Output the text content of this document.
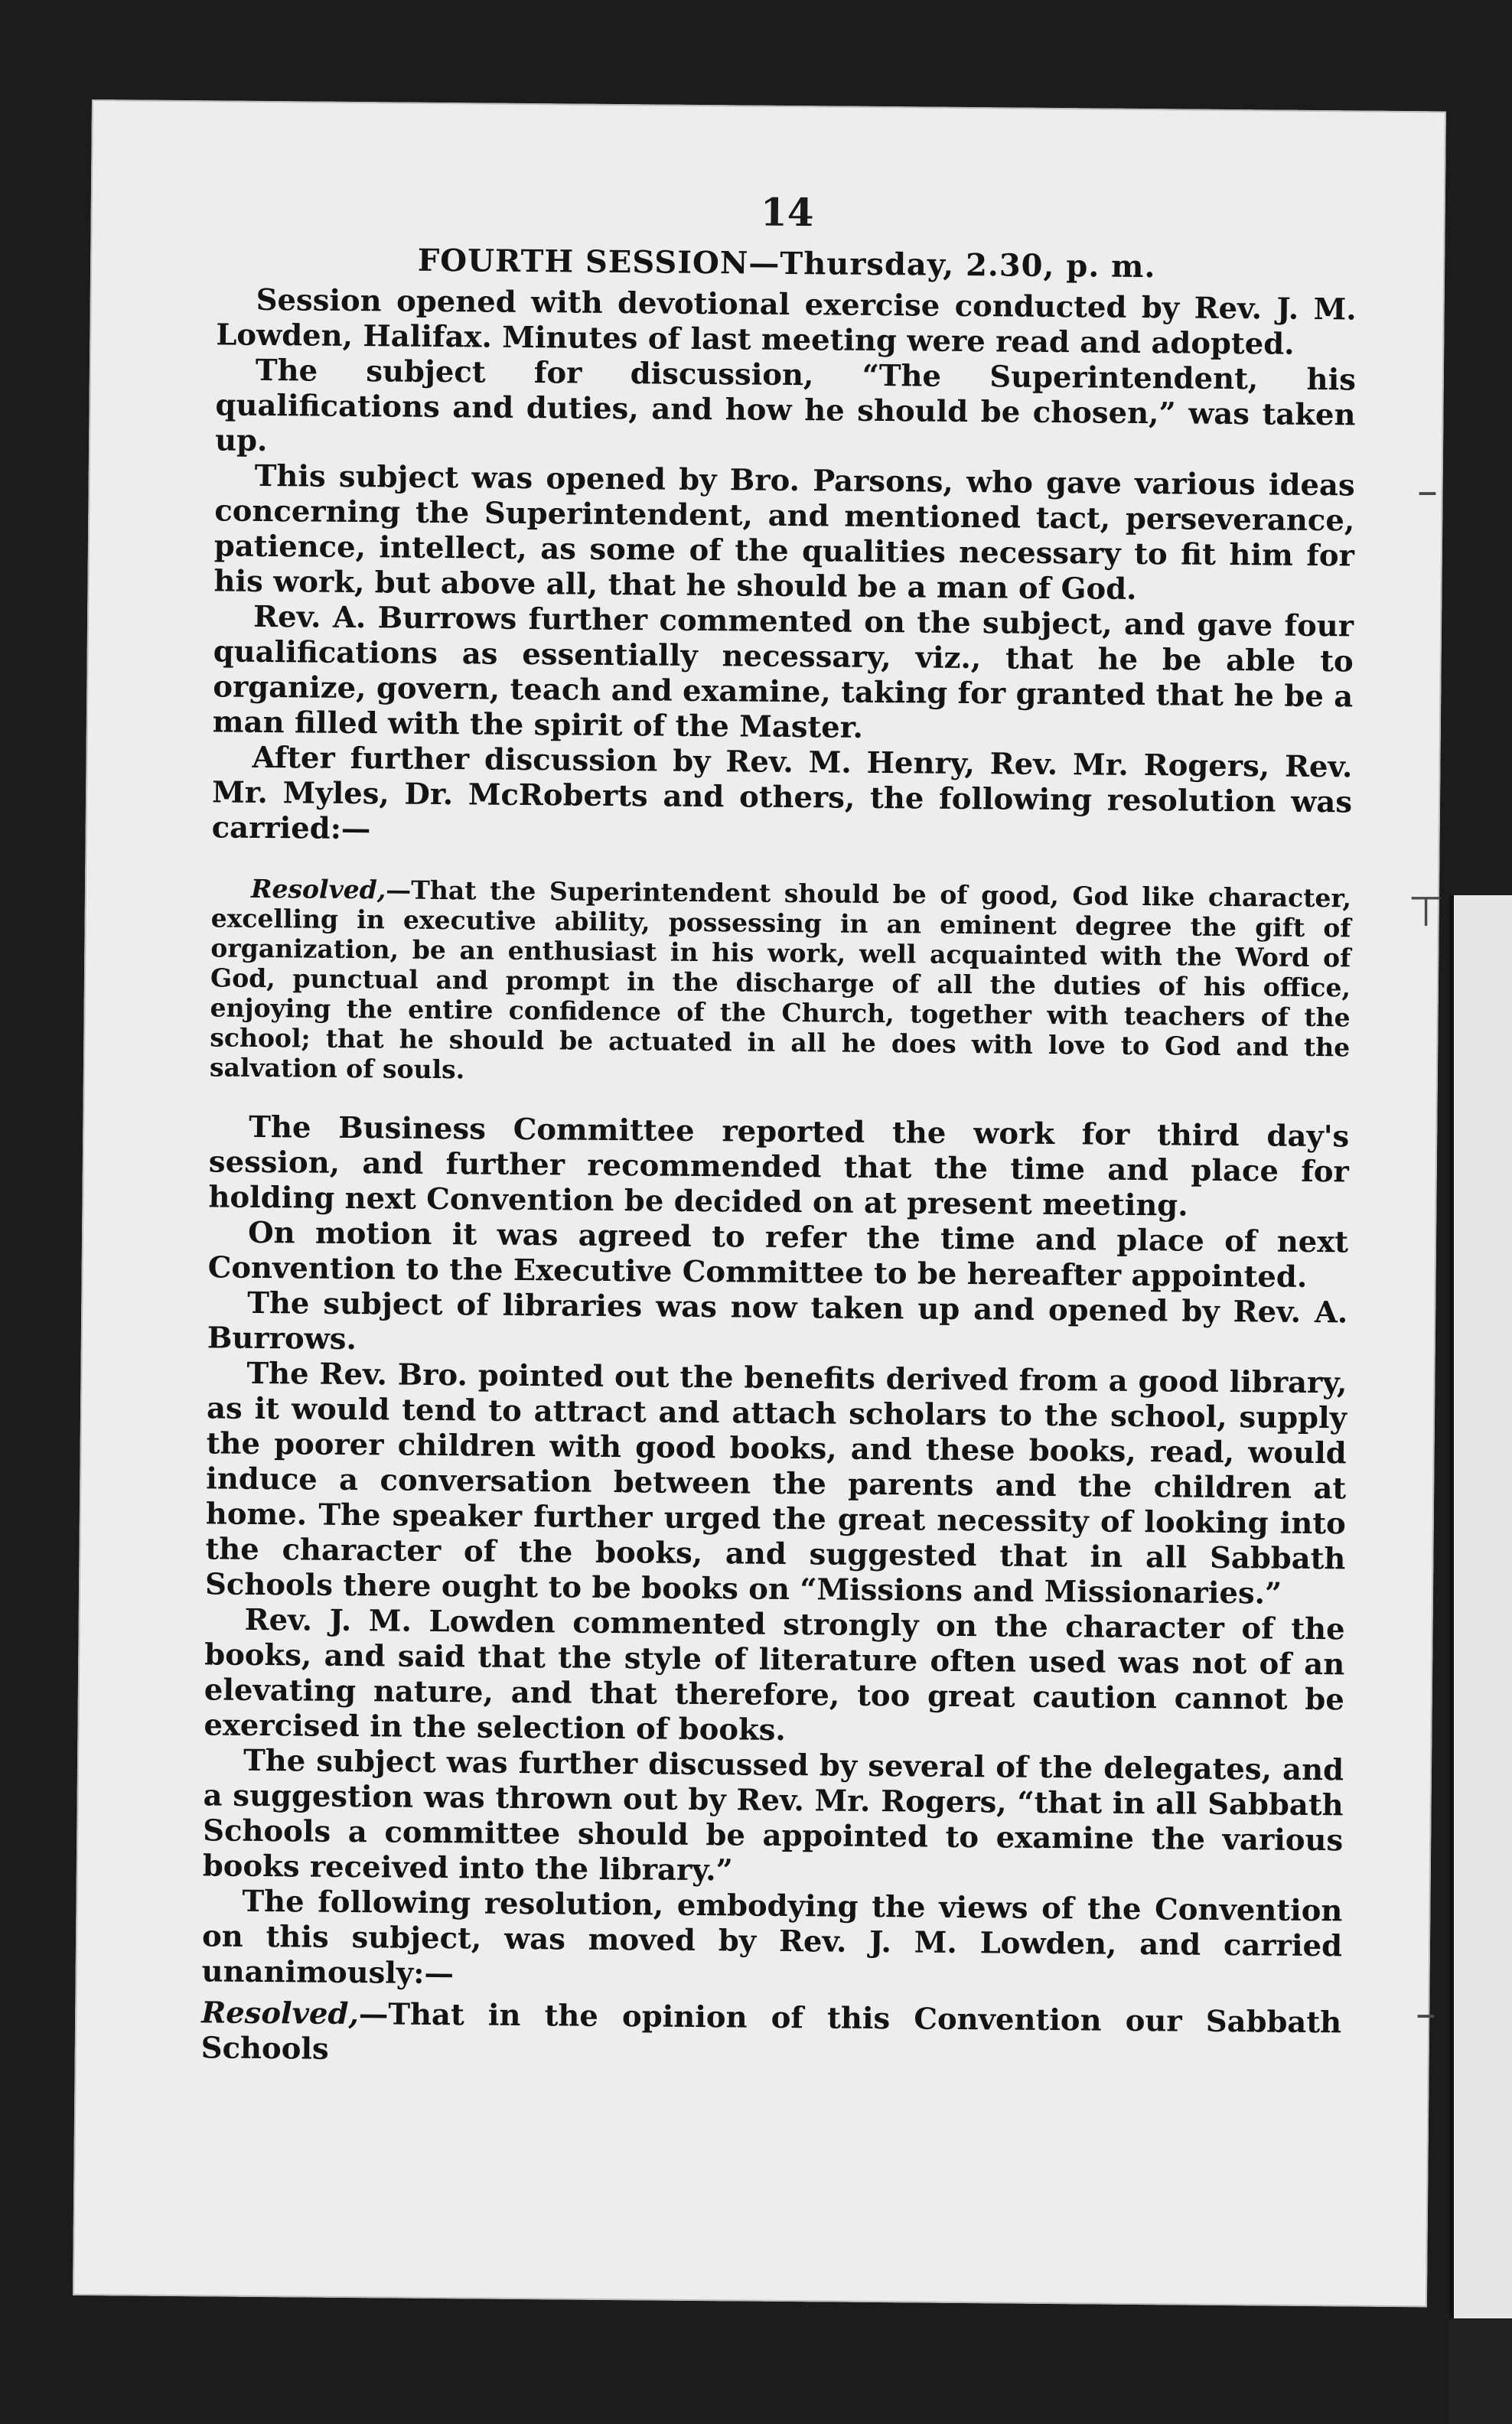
14
FOURTH SESSION—Thursday, 2.30, p. m.

Session opened with devotional exercise conducted by Rev. J. M. Lowden, Halifax. Minutes of last meeting were read and adopted.

The subject for discussion, “The Superintendent, his qualifications and duties, and how he should be chosen,” was taken up.

This subject was opened by Bro. Parsons, who gave various ideas concerning the Superintendent, and mentioned tact, perseverance, patience, intellect, as some of the qualities necessary to fit him for his work, but above all, that he should be a man of God.

Rev. A. Burrows further commented on the subject, and gave four qualifications as essentially necessary, viz., that he be able to organize, govern, teach and examine, taking for granted that he be a man filled with the spirit of the Master.

After further discussion by Rev. M. Henry, Rev. Mr. Rogers, Rev. Mr. Myles, Dr. McRoberts and others, the following resolution was carried:—

Resolved,—That the Superintendent should be of good, God like character, excelling in executive ability, possessing in an eminent degree the gift of organization, be an enthusiast in his work, well acquainted with the Word of God, punctual and prompt in the discharge of all the duties of his office, enjoying the entire confidence of the Church, together with teachers of the school; that he should be actuated in all he does with love to God and the salvation of souls.

The Business Committee reported the work for third day's session, and further recommended that the time and place for holding next Convention be decided on at present meeting.

On motion it was agreed to refer the time and place of next Convention to the Executive Committee to be hereafter appointed.

The subject of libraries was now taken up and opened by Rev. A. Burrows.

The Rev. Bro. pointed out the benefits derived from a good library, as it would tend to attract and attach scholars to the school, supply the poorer children with good books, and these books, read, would induce a conversation between the parents and the children at home. The speaker further urged the great necessity of looking into the character of the books, and suggested that in all Sabbath Schools there ought to be books on “Missions and Missionaries.”

Rev. J. M. Lowden commented strongly on the character of the books, and said that the style of literature often used was not of an elevating nature, and that therefore, too great caution cannot be exercised in the selection of books.

The subject was further discussed by several of the delegates, and a suggestion was thrown out by Rev. Mr. Rogers, “that in all Sabbath Schools a committee should be appointed to examine the various books received into the library.”

The following resolution, embodying the views of the Convention on this subject, was moved by Rev. J. M. Lowden, and carried unanimously:—

Resolved,—That in the opinion of this Convention our Sabbath Schools

–
⊤
–
